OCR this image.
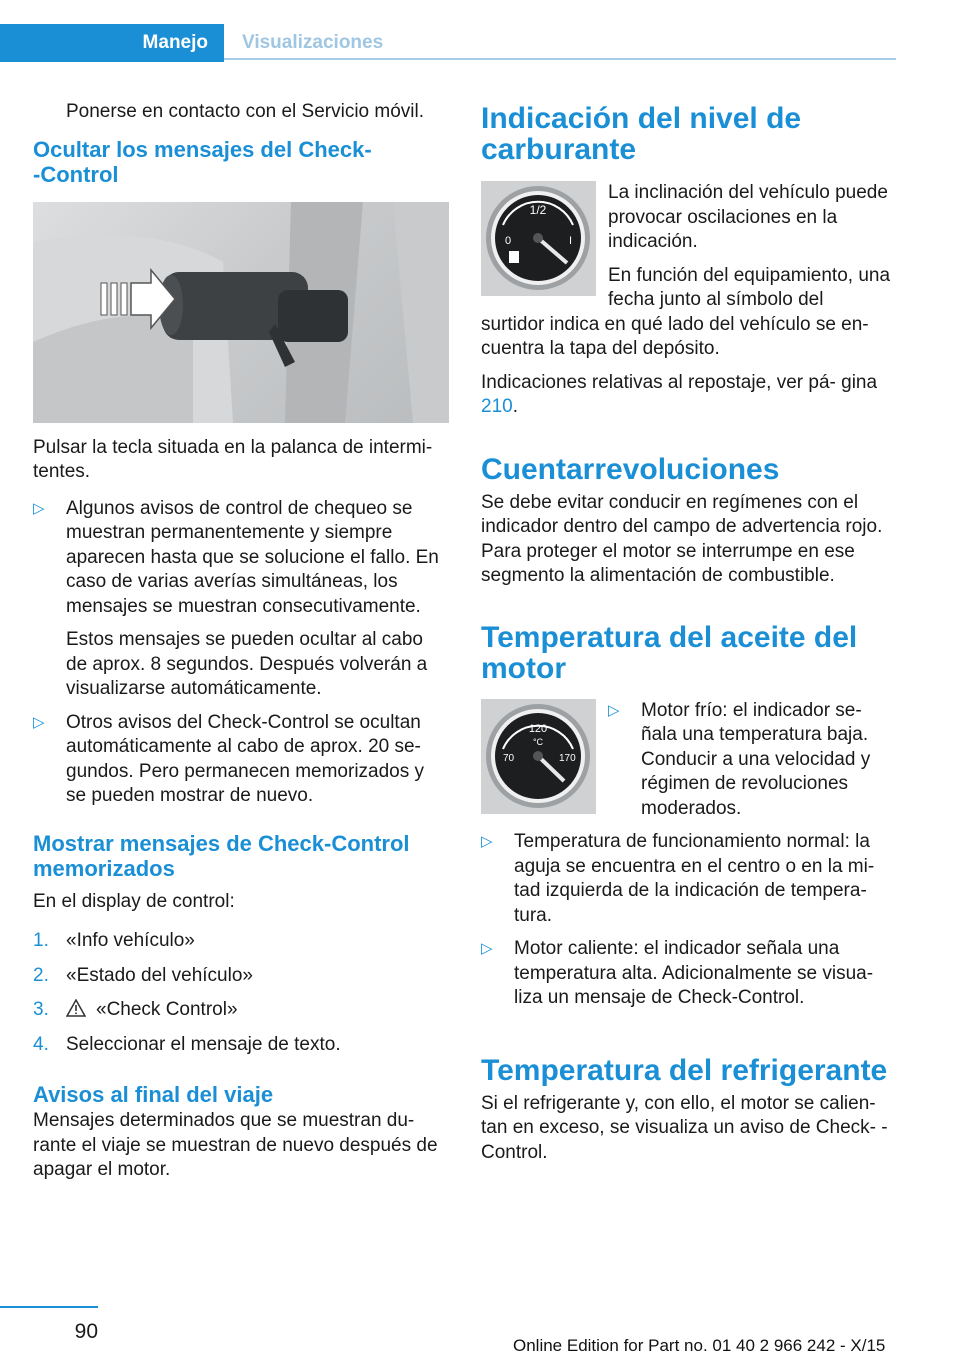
Manejo	Visualizaciones

Ponerse en contacto con el Servicio móvil.

Ocultar los mensajes del Check-
-Control

Pulsar la tecla situada en la palanca de intermi-
tentes.

▷ Algunos avisos de control de chequeo se muestran permanentemente y siempre aparecen hasta que se solucione el fallo. En caso de varias averías simultáneas, los mensajes se muestran consecutivamente.

Estos mensajes se pueden ocultar al cabo de aprox. 8 segundos. Después volverán a visualizarse automáticamente.

▷ Otros avisos del Check-Control se ocultan automáticamente al cabo de aprox. 20 se- gundos. Pero permanecen memorizados y se pueden mostrar de nuevo.

Mostrar mensajes de Check-Control memorizados

En el display de control:

1. «Info vehículo»
2. «Estado del vehículo»
3. «Check Control»
4. Seleccionar el mensaje de texto.
Avisos al final del viaje

Mensajes determinados que se muestran du- rante el viaje se muestran de nuevo después de apagar el motor.

Indicación del nivel de carburante
1/2
0	I

La inclinación del vehículo puede provocar oscilaciones en la indicación.

En función del equipamiento, una fecha junto al símbolo del surtidor indica en qué lado del vehículo se en- cuentra la tapa del depósito.

Indicaciones relativas al repostaje, ver pá- gina 210.

Cuentarrevoluciones

Se debe evitar conducir en regímenes con el indicador dentro del campo de advertencia rojo. Para proteger el motor se interrumpe en ese segmento la alimentación de combustible.

Temperatura del aceite del motor
120
°C
70	170
▷ Motor frío: el indicador se- ñala una temperatura baja. Conducir a una velocidad y régimen de revoluciones moderados.
▷ Temperatura de funcionamiento normal: la aguja se encuentra en el centro o en la mi- tad izquierda de la indicación de tempera- tura.
▷ Motor caliente: el indicador señala una temperatura alta. Adicionalmente se visua- liza un mensaje de Check-Control.
Temperatura del refrigerante

Si el refrigerante y, con ello, el motor se calien- tan en exceso, se visualiza un aviso de Check- -Control.

90
Online Edition for Part no. 01 40 2 966 242 - X/15
